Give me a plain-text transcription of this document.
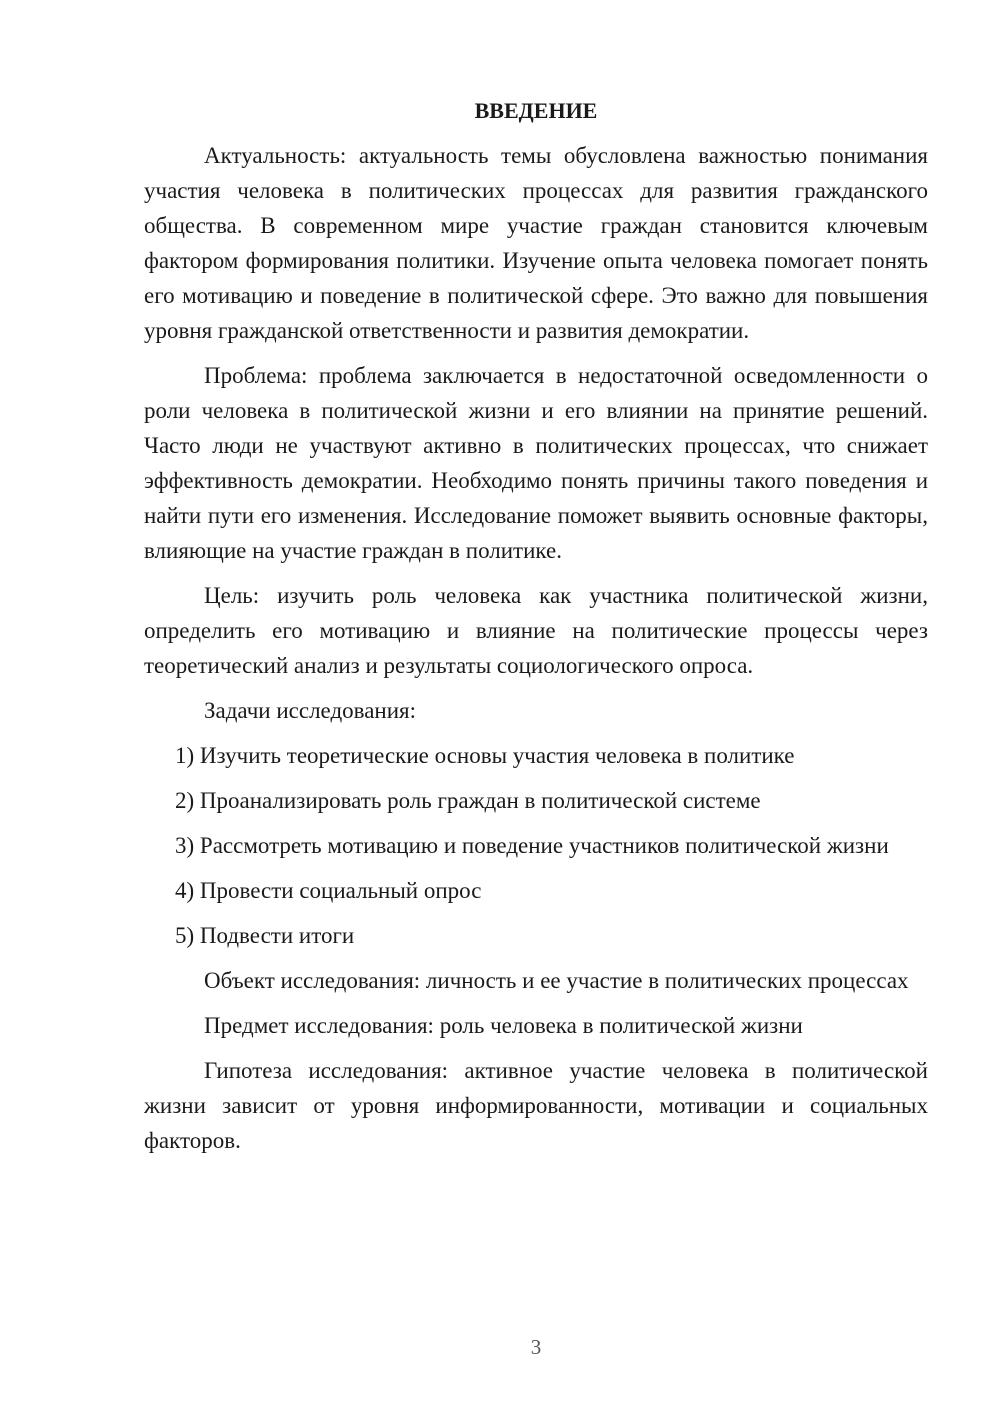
ВВЕДЕНИЕ

Актуальность: актуальность темы обусловлена важностью понимания участия человека в политических процессах для развития гражданского общества. В современном мире участие граждан становится ключевым фактором формирования политики. Изучение опыта человека помогает понять его мотивацию и поведение в политической сфере. Это важно для повышения уровня гражданской ответственности и развития демократии.

Проблема: проблема заключается в недостаточной осведомленности о роли человека в политической жизни и его влиянии на принятие решений. Часто люди не участвуют активно в политических процессах, что снижает эффективность демократии. Необходимо понять причины такого поведения и найти пути его изменения. Исследование поможет выявить основные факторы, влияющие на участие граждан в политике.

Цель: изучить роль человека как участника политической жизни, определить его мотивацию и влияние на политические процессы через теоретический анализ и результаты социологического опроса.

Задачи исследования:

1) Изучить теоретические основы участия человека в политике

2) Проанализировать роль граждан в политической системе

3) Рассмотреть мотивацию и поведение участников политической жизни

4) Провести социальный опрос

5) Подвести итоги

Объект исследования: личность и ее участие в политических процессах

Предмет исследования: роль человека в политической жизни

Гипотеза исследования: активное участие человека в политической жизни зависит от уровня информированности, мотивации и социальных факторов.

3
